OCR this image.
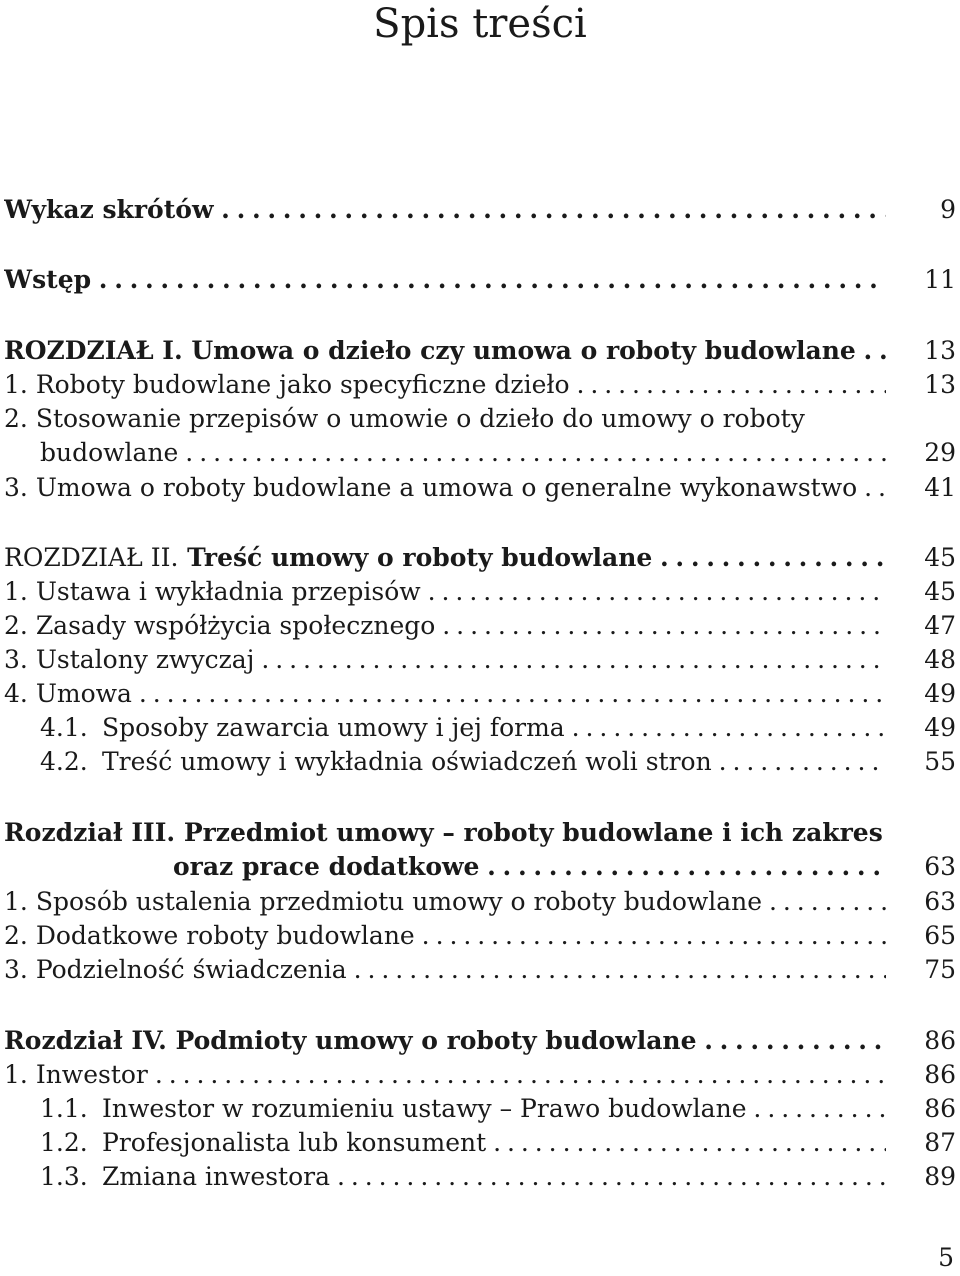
Spis treści
Wykaz skrótów . . .	9
Wstęp . . .	11
ROZDZIAŁ I. Umowa o dzieło czy umowa o roboty budowlane . . .	13
1. Roboty budowlane jako specyficzne dzieło . . .	13
2. Stosowanie przepisów o umowie o dzieło do umowy o roboty
budowlane . . .	29
3. Umowa o roboty budowlane a umowa o generalne wykonawstwo . . .	41
ROZDZIAŁ II. Treść umowy o roboty budowlane . . .	45
1. Ustawa i wykładnia przepisów . . .	45
2. Zasady współżycia społecznego . . .	47
3. Ustalony zwyczaj . . .	48
4. Umowa . . .	49
4.1. Sposoby zawarcia umowy i jej forma . . .	49
4.2. Treść umowy i wykładnia oświadczeń woli stron . . .	55
Rozdział III. Przedmiot umowy – roboty budowlane i ich zakres
oraz prace dodatkowe . . .	63
1. Sposób ustalenia przedmiotu umowy o roboty budowlane . . .	63
2. Dodatkowe roboty budowlane . . .	65
3. Podzielność świadczenia . . .	75
Rozdział IV. Podmioty umowy o roboty budowlane . . .	86
1. Inwestor . . .	86
1.1. Inwestor w rozumieniu ustawy – Prawo budowlane . . .	86
1.2. Profesjonalista lub konsument . . .	87
1.3. Zmiana inwestora . . .	89
5
